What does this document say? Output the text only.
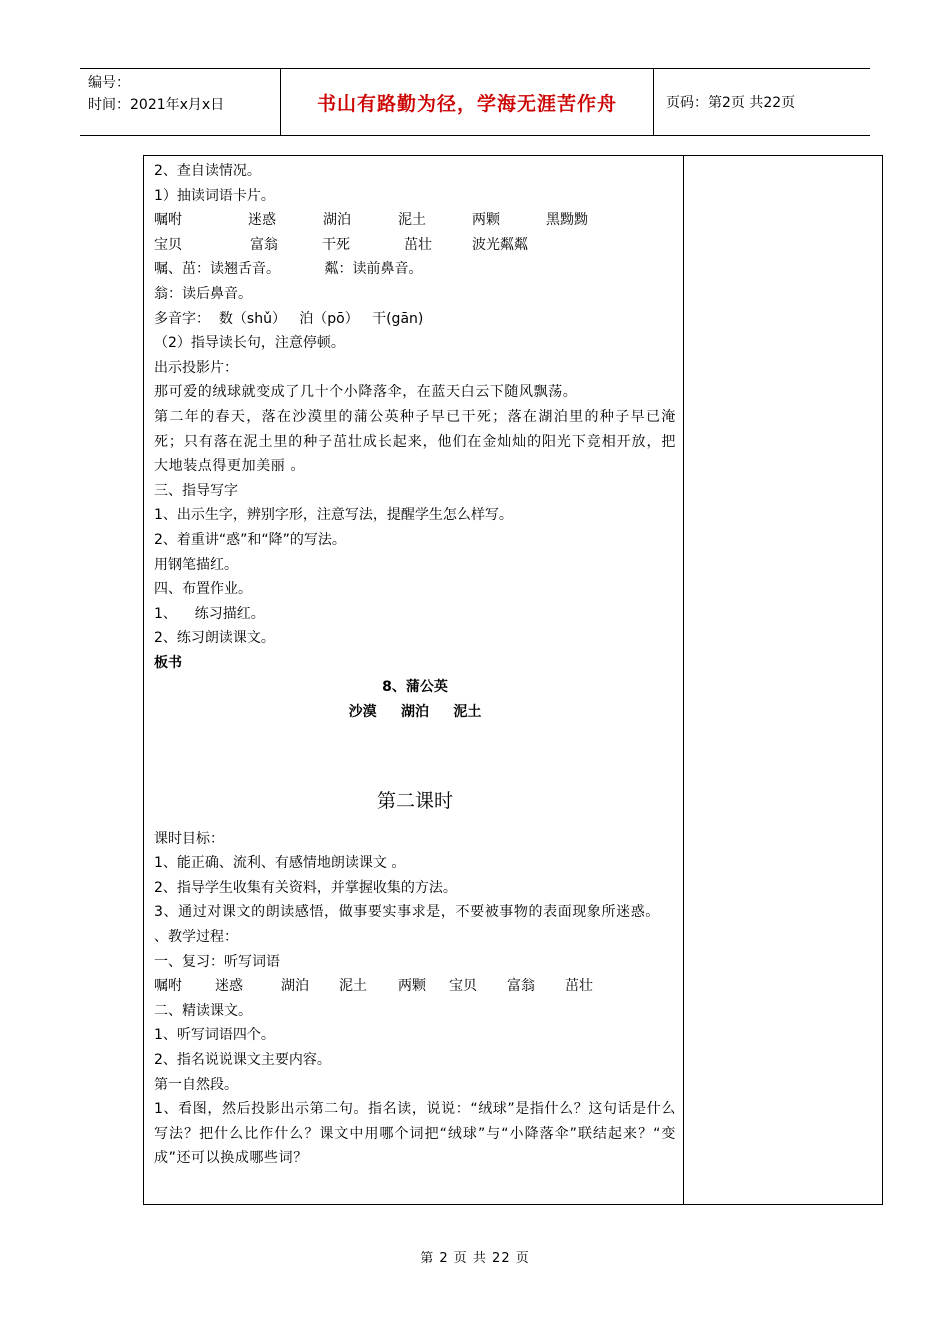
编号：
时间：2021年x月x日	书山有路勤为径，学海无涯苦作舟	页码：第2页 共22页
2、查自读情况。
1）抽读词语卡片。
嘱咐	迷惑	湖泊	泥土	两颗	黑黝黝
宝贝	富翁	干死	茁壮	波光粼粼
嘱、茁：读翘舌音。          粼：读前鼻音。
翁：读后鼻音。
多音字：  数（shǔ）   泊（pō）   干(gān)
（2）指导读长句，注意停顿。
出示投影片：
那可爱的绒球就变成了几十个小降落伞，在蓝天白云下随风飘荡。
第二年的春天，落在沙漠里的蒲公英种子早已干死；落在湖泊里的种子早已淹死；只有落在泥土里的种子茁壮成长起来，他们在金灿灿的阳光下竞相开放，把大地装点得更加美丽 。
三、指导写字
1、出示生字，辨别字形，注意写法，提醒学生怎么样写。
2、着重讲“惑”和“降”的写法。
用钢笔描红。
四、布置作业。
1、    练习描红。
2、练习朗读课文。
板书
8、蒲公英
沙漠     湖泊     泥土
第二课时
课时目标：
1、能正确、流利、有感情地朗读课文 。
2、指导学生收集有关资料，并掌握收集的方法。
3、通过对课文的朗读感悟，做事要实事求是，不要被事物的表面现象所迷惑。
、教学过程：
一、复习：听写词语
嘱咐	迷惑	湖泊	泥土	两颗	宝贝	富翁	茁壮
二、精读课文。
1、听写词语四个。
2、指名说说课文主要内容。
第一自然段。
1、看图，然后投影出示第二句。指名读，说说：“绒球”是指什么？这句话是什么写法？把什么比作什么？课文中用哪个词把“绒球”与“小降落伞”联结起来？“变成”还可以换成哪些词？
第 2 页 共 22 页
